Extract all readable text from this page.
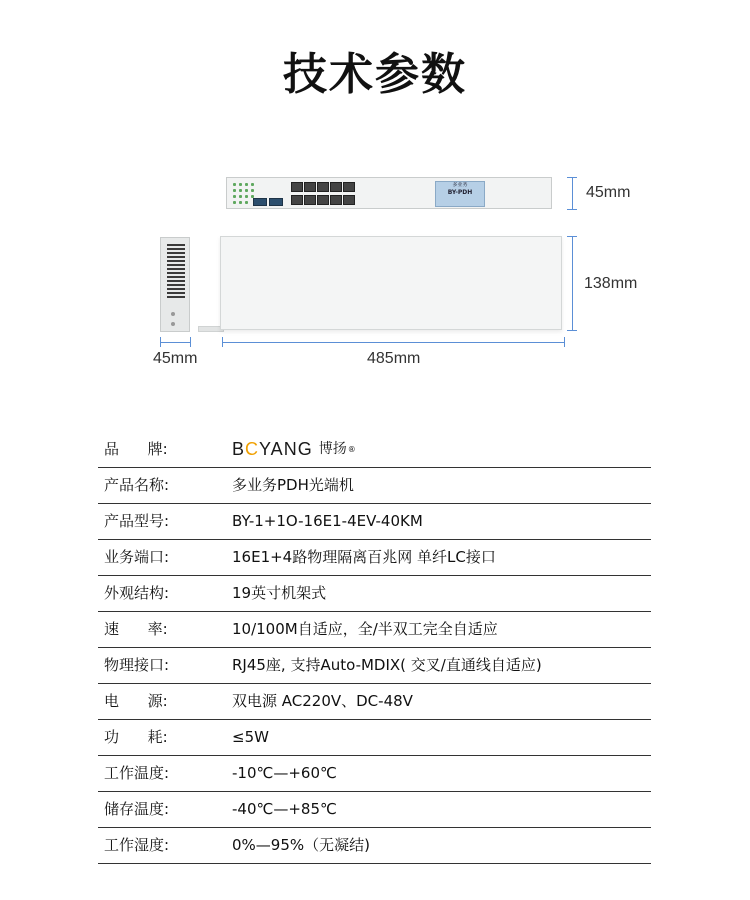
技术参数
多业务
BY-PDH	45mm
138mm
45mm	485mm
品      牌:	B C YANG 博扬 ®
产品名称:	多业务PDH光端机
产品型号:	BY-1+1O-16E1-4EV-40KM
业务端口:	16E1+4路物理隔离百兆网 单纤LC接口
外观结构:	19英寸机架式
速      率:	10/100M自适应，全/半双工完全自适应
物理接口:	RJ45座, 支持Auto-MDIX( 交叉/直通线自适应)
电      源:	双电源 AC220V、DC-48V
功      耗:	≤5W
工作温度:	-10℃—+60℃
储存温度:	-40℃—+85℃
工作湿度:	0%—95%（无凝结)
